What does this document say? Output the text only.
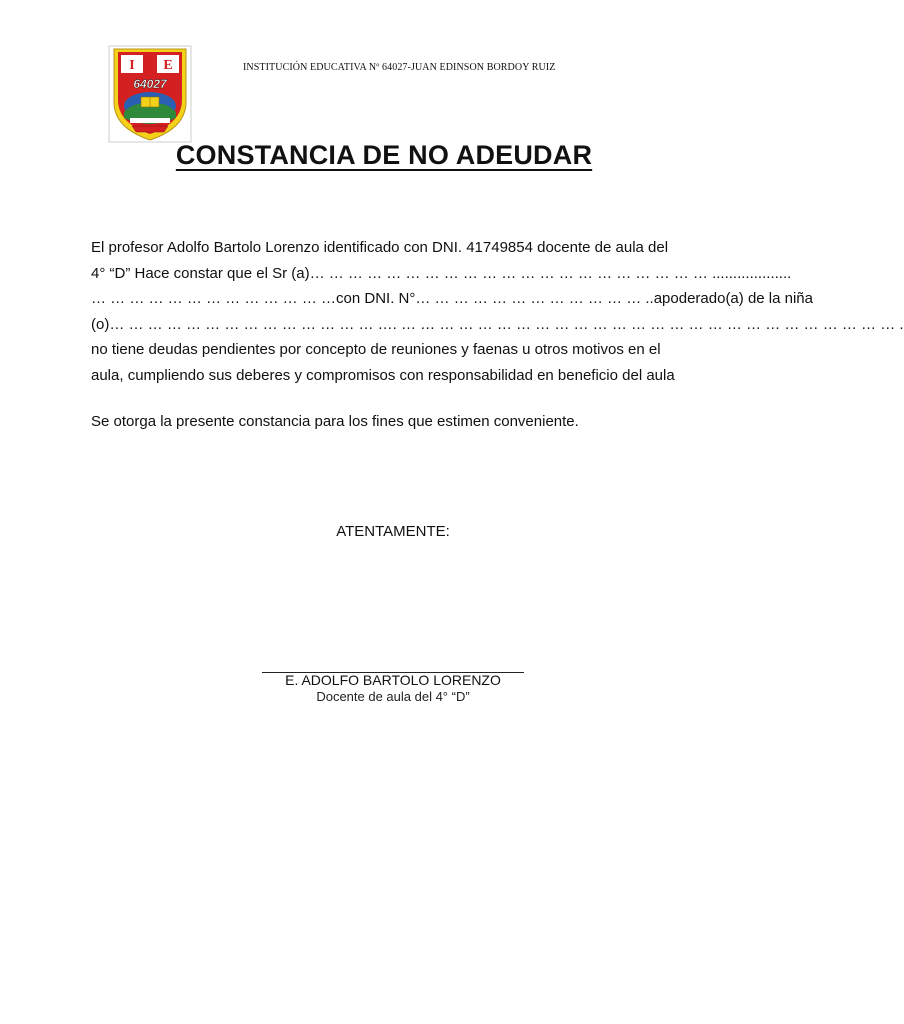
I E
64027
INSTITUCIÓN EDUCATIVA Nº 64027-JUAN EDINSON BORDOY RUIZ
CONSTANCIA DE NO ADEUDAR
El profesor Adolfo Bartolo Lorenzo identificado con DNI. 41749854 docente de aula del
4° “D” Hace constar que el Sr (a)… … … … … … … … … … … … … … … … … … … … … ...................
… … … … … … … … … … … … …con DNI. N°… … … … … … … … … … … … ..apoderado(a) de la niña
(o)… … … … … … … … … … … … … … …. … … … … … … … … … … … … … … … … … … … … … … … … … … .
no tiene deudas pendientes por concepto de reuniones y faenas u otros motivos en el
aula, cumpliendo sus deberes y compromisos con responsabilidad en beneficio del aula
Se otorga la presente constancia para los fines que estimen conveniente.
ATENTAMENTE:
E. ADOLFO BARTOLO LORENZO
Docente de aula del 4° “D”
